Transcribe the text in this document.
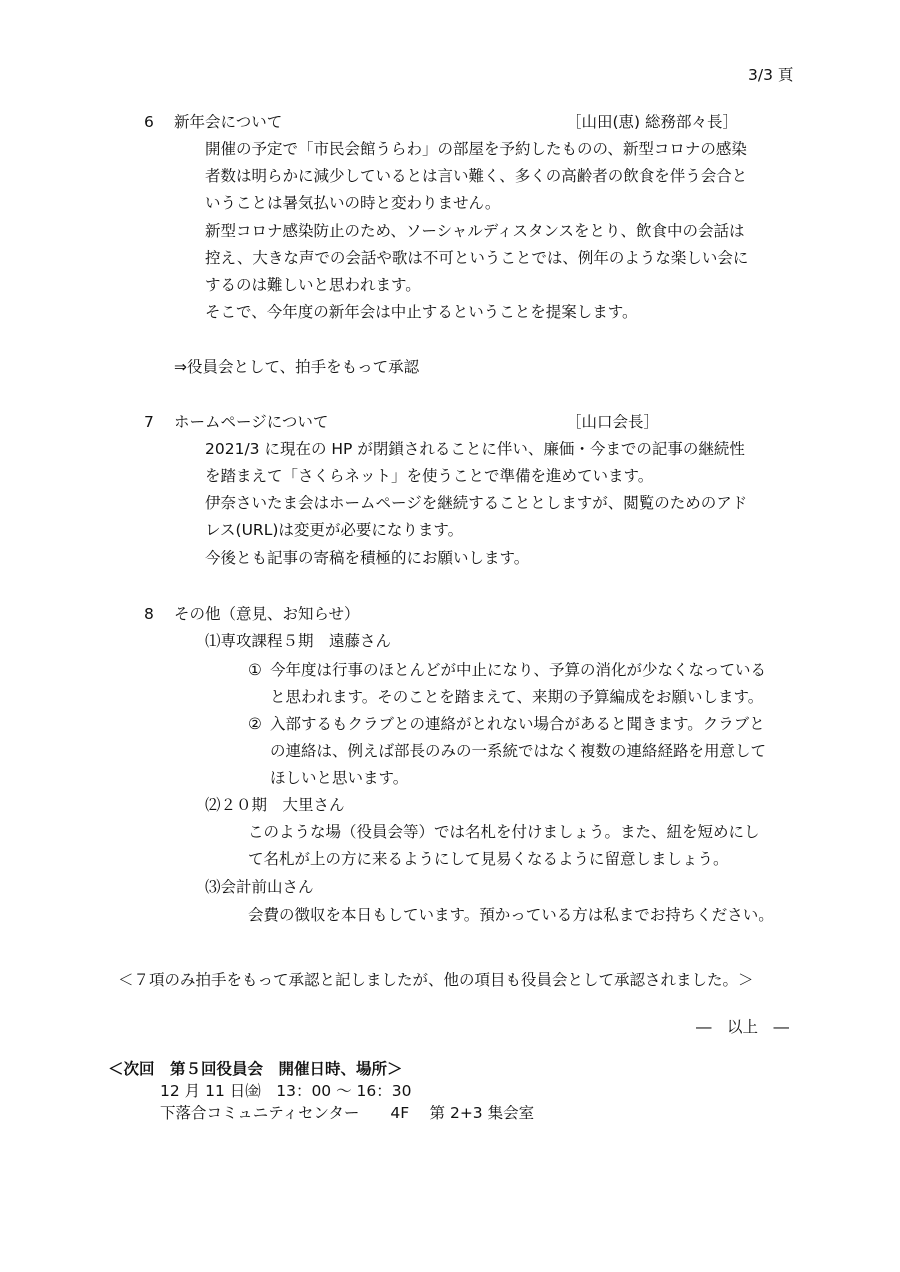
3/3 頁
6 新年会について	［山田(恵) 総務部々長］
開催の予定で「市民会館うらわ」の部屋を予約したものの、新型コロナの感染
者数は明らかに減少しているとは言い難く、多くの高齢者の飲食を伴う会合と
いうことは暑気払いの時と変わりません。
新型コロナ感染防止のため、ソーシャルディスタンスをとり、飲食中の会話は
控え、大きな声での会話や歌は不可ということでは、例年のような楽しい会に
するのは難しいと思われます。
そこで、今年度の新年会は中止するということを提案します。
⇒役員会として、拍手をもって承認
7 ホームページについて	［山口会長］
2021/3 に現在の HP が閉鎖されることに伴い、廉価・今までの記事の継続性
を踏まえて「さくらネット」を使うことで準備を進めています。
伊奈さいたま会はホームページを継続することとしますが、閲覧のためのアド
レス(URL)は変更が必要になります。
今後とも記事の寄稿を積極的にお願いします。
8 その他（意見、お知らせ）
⑴専攻課程５期　遠藤さん
① 今年度は行事のほとんどが中止になり、予算の消化が少なくなっている
と思われます。そのことを踏まえて、来期の予算編成をお願いします。
② 入部するもクラブとの連絡がとれない場合があると聞きます。クラブと
の連絡は、例えば部長のみの一系統ではなく複数の連絡経路を用意して
ほしいと思います。
⑵２０期　大里さん
このような場（役員会等）では名札を付けましょう。また、紐を短めにし
て名札が上の方に来るようにして見易くなるように留意しましょう。
⑶会計前山さん
会費の徴収を本日もしています。預かっている方は私までお持ちください。
＜７項のみ拍手をもって承認と記しましたが、他の項目も役員会として承認されました。＞
―　以上　―
＜次回　第５回役員会　開催日時、場所＞
12 月 11 日㈮　13：00 ～ 16：30
下落合コミュニティセンター　　4F　 第 2+3 集会室
